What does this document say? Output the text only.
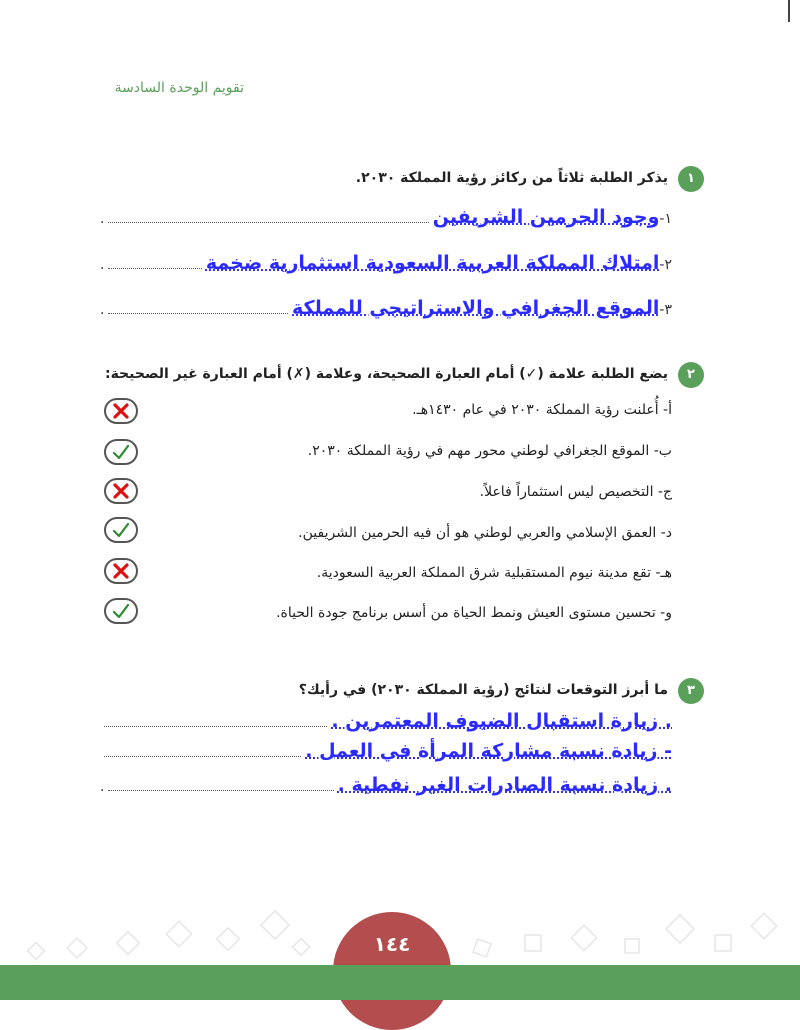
تقويم الوحدة السادسة
١
يذكر الطلبة ثلاثاً من ركائز رؤية المملكة ٢٠٣٠.
١-
وجود الحرمين الشريفين
.
٢-
امتلاك المملكة العربية السعودية استثمارية ضخمة
.
٣-
الموقع الجغرافي والاستراتيجي للمملكة
.
٢
يضع الطلبة علامة (✓) أمام العبارة الصحيحة، وعلامة (✗) أمام العبارة غير الصحيحة:
أ- أُعلنت رؤية المملكة ٢٠٣٠ في عام ١٤٣٠هـ.
ب- الموقع الجغرافي لوطني محور مهم في رؤية المملكة ٢٠٣٠.
ج- التخصيص ليس استثماراً فاعلاً.
د- العمق الإسلامي والعربي لوطني هو أن فيه الحرمين الشريفين.
هـ- تقع مدينة نيوم المستقبلية شرق المملكة العربية السعودية.
و- تحسين مستوى العيش ونمط الحياة من أسس برنامج جودة الحياة.
٣
ما أبرز التوقعات لنتائج (رؤية المملكة ٢٠٣٠) في رأيك؟
. زيارة استقبال الضيوف المعتمرين .
- زيادة نسبة مشاركة المرأة في العمل .
. زيادة نسبة الصادرات الغير نفطية .
.
١٤٤
